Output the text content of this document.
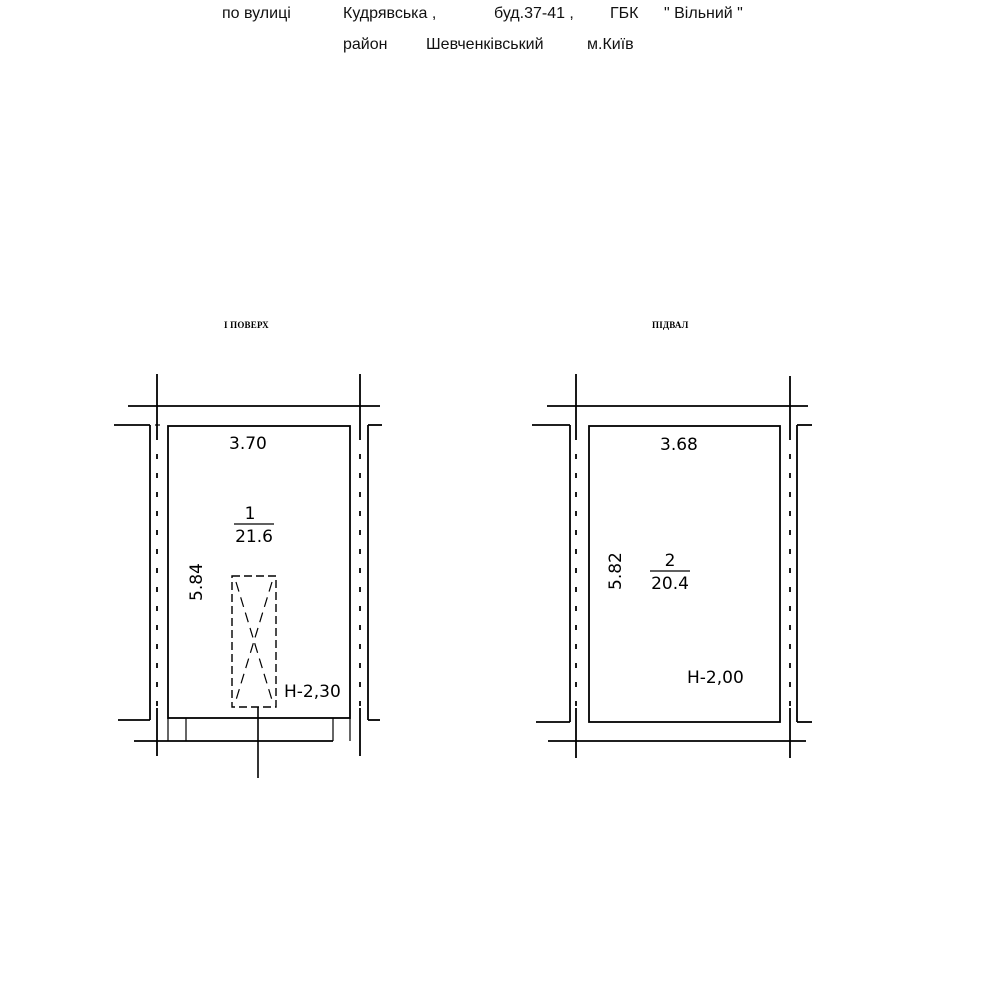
по вулиці	Кудрявська ,	буд.37-41 , ГБК " Вільний "
район Шевченківський	м.Київ
І ПОВЕРХ
3.70
1
21.6
5.84
Н-2,30
ПІДВАЛ
3.68
2
20.4
5.82
Н-2,00
